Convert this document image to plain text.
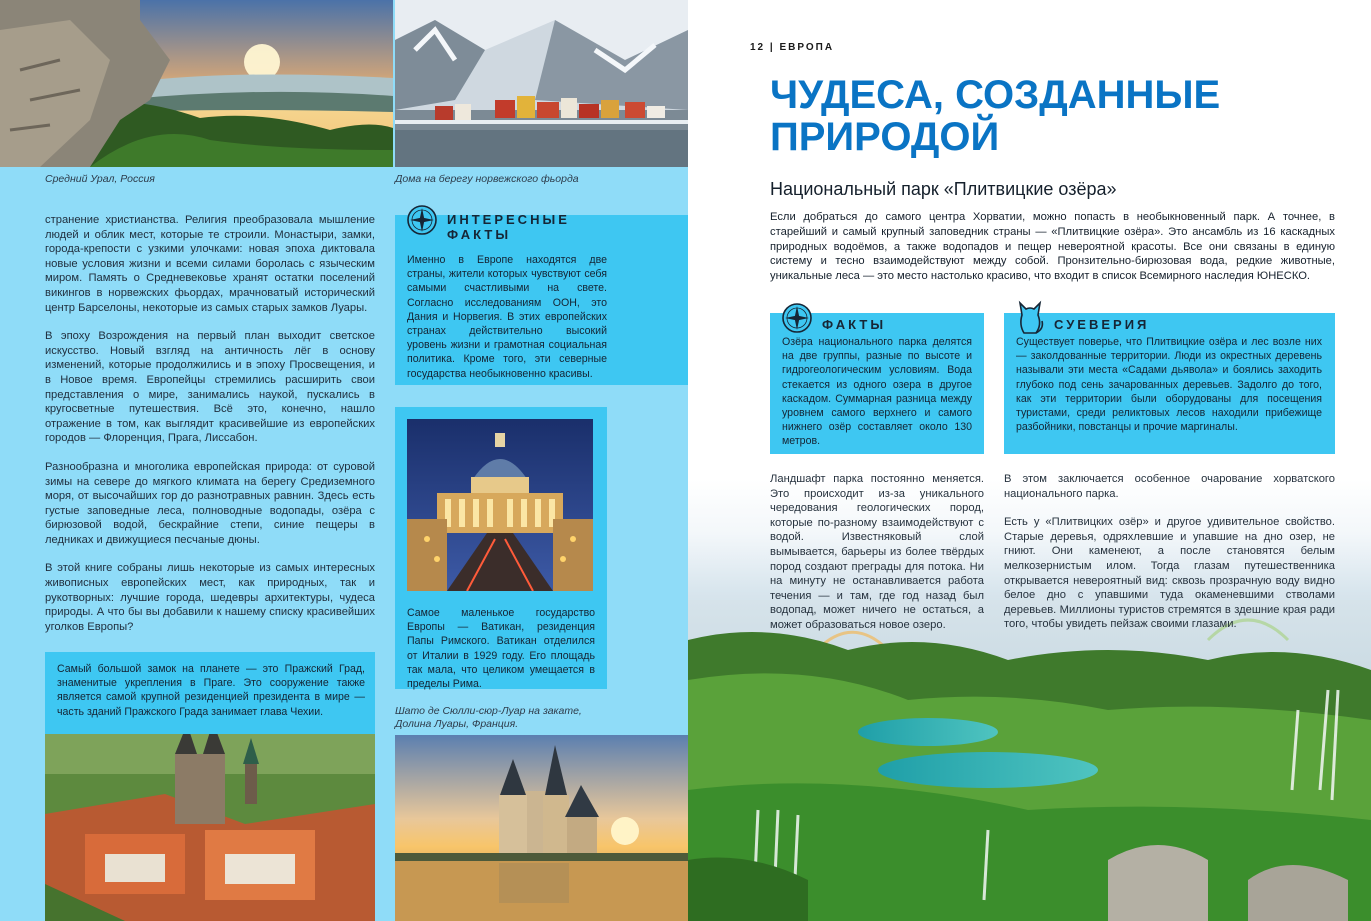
Средний Урал, Россия	Дома на берегу норвежского фьорда

странение христианства. Религия преобразовала мышление людей и облик мест, которые те строили. Монастыри, замки, города-крепости с узкими улочками: новая эпоха диктовала новые условия жизни и всеми силами боролась с языческим миром. Память о Средневековье хранят остатки поселений викингов в норвежских фьордах, мрачноватый исторический центр Барселоны, некоторые из самых старых замков Луары.

В эпоху Возрождения на первый план выходит светское искусство. Новый взгляд на античность лёг в основу изменений, которые продолжились и в эпоху Просвещения, и в Новое время. Европейцы стремились расширить свои представления о мире, занимались наукой, пускались в кругосветные путешествия. Всё это, конечно, нашло отражение в том, как выглядит красивейшие из европейских городов — Флоренция, Прага, Лиссабон.

Разнообразна и многолика европейская природа: от суровой зимы на севере до мягкого климата на берегу Средиземного моря, от высочайших гор до разнотравных равнин. Здесь есть густые заповедные леса, полноводные водопады, озёра с бирюзовой водой, бескрайние степи, синие пещеры в ледниках и движущиеся песчаные дюны.

В этой книге собраны лишь некоторые из самых интересных живописных европейских мест, как природных, так и рукотворных: лучшие города, шедевры архитектуры, чудеса природы. А что бы вы добавили к нашему списку красивейших уголков Европы?

ИНТЕРЕСНЫЕ
ФАКТЫ
Именно в Европе находятся две страны, жители которых чувствуют себя самыми счастливыми на свете. Согласно исследованиям ООН, это Дания и Норвегия. В этих европейских странах действительно высокий уровень жизни и грамотная социальная политика. Кроме того, эти северные государства необыкновенно красивы.
Самое маленькое государство Европы — Ватикан, резиденция Папы Римского. Ватикан отделился от Италии в 1929 году. Его площадь так мала, что целиком умещается в пределы Рима.
Шато де Сюлли-сюр-Луар на закате,
Долина Луары, Франция.
Самый большой замок на планете — это Пражский Град, знаменитые укрепления в Праге. Это сооружение также является самой крупной резиденцией президента в мире — часть зданий Пражского Града занимает глава Чехии.
12 | ЕВРОПА
ЧУДЕСА, СОЗДАННЫЕ
ПРИРОДОЙ
Национальный парк «Плитвицкие озёра»
Если добраться до самого центра Хорватии, можно попасть в необыкновенный парк. А точнее, в старейший и самый крупный заповедник страны — «Плитвицкие озёра». Это ансамбль из 16 каскадных природных водоёмов, а также водопадов и пещер невероятной красоты. Все они связаны в единую систему и тесно взаимодействуют между собой. Пронзительно-бирюзовая вода, редкие животные, уникальные леса — это место настолько красиво, что входит в список Всемирного наследия ЮНЕСКО.
ФАКТЫ
Озёра национального парка делятся на две группы, разные по высоте и гидрогеологическим условиям. Вода стекается из одного озера в другое каскадом. Суммарная разница между уровнем самого верхнего и самого нижнего озёр составляет около 130 метров.
СУЕВЕРИЯ
Существует поверье, что Плитвицкие озёра и лес возле них — заколдованные территории. Люди из окрестных деревень называли эти места «Садами дьявола» и боялись заходить глубоко под сень зачарованных деревьев. Задолго до того, как эти территории были оборудованы для посещения туристами, среди реликтовых лесов находили прибежище разбойники, повстанцы и прочие маргиналы.
Ландшафт парка постоянно меняется. Это происходит из-за уникального чередования геологических пород, которые по-разному взаимодействуют с водой. Известняковый слой вымывается, барьеры из более твёрдых пород создают преграды для потока. Ни на минуту не останавливается работа течения — и там, где год назад был водопад, может ничего не остаться, а может образоваться новое озеро.

В этом заключается особенное очарование хорватского национального парка.

Есть у «Плитвицких озёр» и другое удивительное свойство. Старые деревья, одряхлевшие и упавшие на дно озер, не гниют. Они каменеют, а после становятся белым мелкозернистым илом. Тогда глазам путешественника открывается невероятный вид: сквозь прозрачную воду видно белое дно с упавшими туда окаменевшими стволами деревьев. Миллионы туристов стремятся в здешние края ради того, чтобы увидеть пейзаж своими глазами.
